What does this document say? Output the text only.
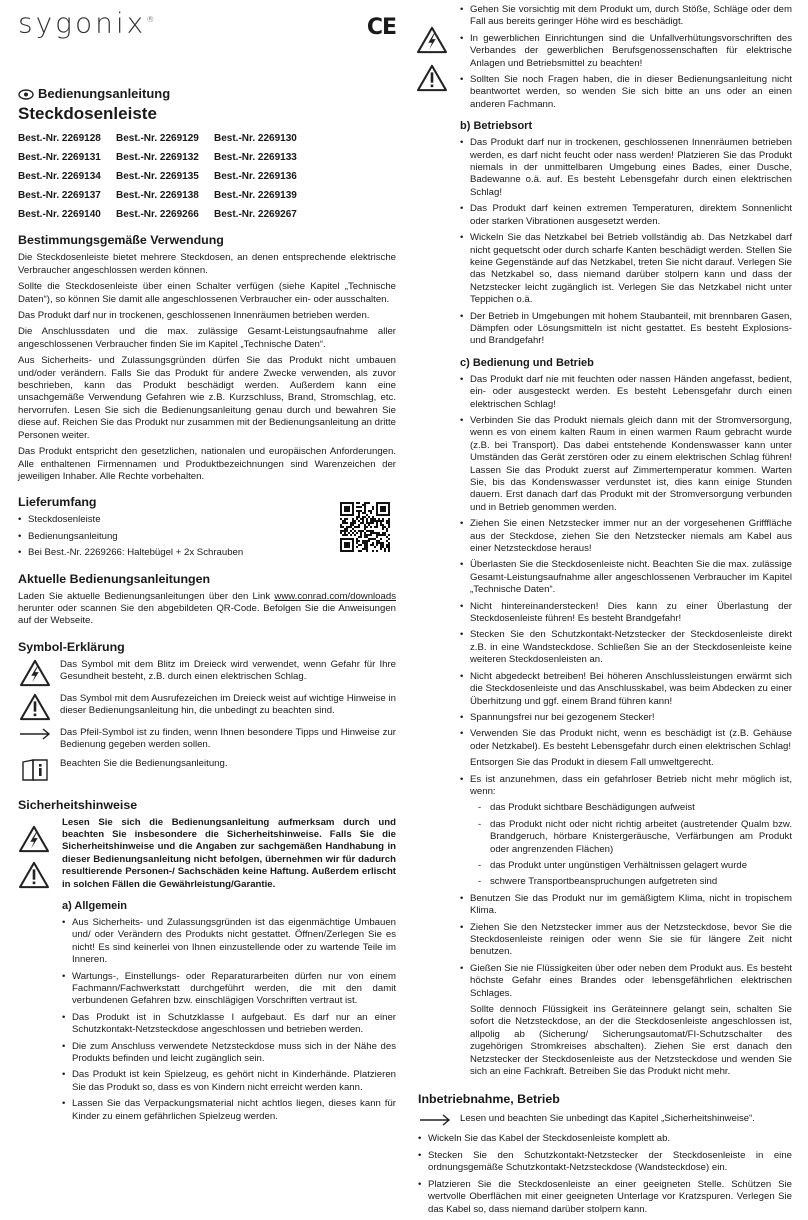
sygonix®	CE
Bedienungsanleitung
Steckdosenleiste
Best.-Nr. 2269128	Best.-Nr. 2269129	Best.-Nr. 2269130
Best.-Nr. 2269131	Best.-Nr. 2269132	Best.-Nr. 2269133
Best.-Nr. 2269134	Best.-Nr. 2269135	Best.-Nr. 2269136
Best.-Nr. 2269137	Best.-Nr. 2269138	Best.-Nr. 2269139
Best.-Nr. 2269140	Best.-Nr. 2269266	Best.-Nr. 2269267
Bestimmungsgemäße Verwendung

Die Steckdosenleiste bietet mehrere Steckdosen, an denen entsprechende elektrische Verbraucher angeschlossen werden können.

Sollte die Steckdosenleiste über einen Schalter verfügen (siehe Kapitel „Technische Daten“), so können Sie damit alle angeschlossenen Verbraucher ein- oder ausschalten.

Das Produkt darf nur in trockenen, geschlossenen Innenräumen betrieben werden.

Die Anschlussdaten und die max. zulässige Gesamt-Leistungsaufnahme aller angeschlossenen Verbraucher finden Sie im Kapitel „Technische Daten“.

Aus Sicherheits- und Zulassungsgründen dürfen Sie das Produkt nicht umbauen und/oder verändern. Falls Sie das Produkt für andere Zwecke verwenden, als zuvor beschrieben, kann das Produkt beschädigt werden. Außerdem kann eine unsachgemäße Verwendung Gefahren wie z.B. Kurzschluss, Brand, Stromschlag, etc. hervorrufen. Lesen Sie sich die Bedienungsanleitung genau durch und bewahren Sie diese auf. Reichen Sie das Produkt nur zusammen mit der Bedienungsanleitung an dritte Personen weiter.

Das Produkt entspricht den gesetzlichen, nationalen und europäischen Anforderungen. Alle enthaltenen Firmennamen und Produktbezeichnungen sind Warenzeichen der jeweiligen Inhaber. Alle Rechte vorbehalten.

Lieferumfang
• Steckdosenleiste
• Bedienungsanleitung
• Bei Best.-Nr. 2269266: Haltebügel + 2x Schrauben
Aktuelle Bedienungsanleitungen

Laden Sie aktuelle Bedienungsanleitungen über den Link www.conrad.com/downloads herunter oder scannen Sie den abgebildeten QR-Code. Befolgen Sie die Anweisungen auf der Webseite.

Symbol-Erklärung
Das Symbol mit dem Blitz im Dreieck wird verwendet, wenn Gefahr für Ihre Gesundheit besteht, z.B. durch einen elektrischen Schlag.
Das Symbol mit dem Ausrufezeichen im Dreieck weist auf wichtige Hinweise in dieser Bedienungsanleitung hin, die unbedingt zu beachten sind.
Das Pfeil-Symbol ist zu finden, wenn Ihnen besondere Tipps und Hinweise zur Bedienung gegeben werden sollen.
Beachten Sie die Bedienungsanleitung.
Sicherheitshinweise
Lesen Sie sich die Bedienungsanleitung aufmerksam durch und beachten Sie insbesondere die Sicherheitshinweise. Falls Sie die Sicherheitshinweise und die Angaben zur sachgemäßen Handhabung in dieser Bedienungsanleitung nicht befolgen, übernehmen wir für dadurch resultierende Personen-/ Sachschäden keine Haftung. Außerdem erlischt in solchen Fällen die Gewährleistung/Garantie.
a) Allgemein
• Aus Sicherheits- und Zulassungsgründen ist das eigenmächtige Umbauen und/ oder Verändern des Produkts nicht gestattet. Öffnen/Zerlegen Sie es nicht! Es sind keinerlei von Ihnen einzustellende oder zu wartende Teile im Inneren.
• Wartungs-, Einstellungs- oder Reparaturarbeiten dürfen nur von einem Fachmann/Fachwerkstatt durchgeführt werden, die mit den damit verbundenen Gefahren bzw. einschlägigen Vorschriften vertraut ist.
• Das Produkt ist in Schutzklasse I aufgebaut. Es darf nur an einer Schutzkontakt-Netzsteckdose angeschlossen und betrieben werden.
• Die zum Anschluss verwendete Netzsteckdose muss sich in der Nähe des Produkts befinden und leicht zugänglich sein.
• Das Produkt ist kein Spielzeug, es gehört nicht in Kinderhände. Platzieren Sie das Produkt so, dass es von Kindern nicht erreicht werden kann.
• Lassen Sie das Verpackungsmaterial nicht achtlos liegen, dieses kann für Kinder zu einem gefährlichen Spielzeug werden.
• Gehen Sie vorsichtig mit dem Produkt um, durch Stöße, Schläge oder dem Fall aus bereits geringer Höhe wird es beschädigt.
• In gewerblichen Einrichtungen sind die Unfallverhütungsvorschriften des Verbandes der gewerblichen Berufsgenossenschaften für elektrische Anlagen und Betriebsmittel zu beachten!
• Sollten Sie noch Fragen haben, die in dieser Bedienungsanleitung nicht beantwortet werden, so wenden Sie sich bitte an uns oder an einen anderen Fachmann.
b) Betriebsort
• Das Produkt darf nur in trockenen, geschlossenen Innenräumen betrieben werden, es darf nicht feucht oder nass werden! Platzieren Sie das Produkt niemals in der unmittelbaren Umgebung eines Bades, einer Dusche, Badewanne o.ä. auf. Es besteht Lebensgefahr durch einen elektrischen Schlag!
• Das Produkt darf keinen extremen Temperaturen, direktem Sonnenlicht oder starken Vibrationen ausgesetzt werden.
• Wickeln Sie das Netzkabel bei Betrieb vollständig ab. Das Netzkabel darf nicht gequetscht oder durch scharfe Kanten beschädigt werden. Stellen Sie keine Gegenstände auf das Netzkabel, treten Sie nicht darauf. Verlegen Sie das Netzkabel so, dass niemand darüber stolpern kann und dass der Netzstecker leicht zugänglich ist. Verlegen Sie das Netzkabel nicht unter Teppichen o.ä.
• Der Betrieb in Umgebungen mit hohem Staubanteil, mit brennbaren Gasen, Dämpfen oder Lösungsmitteln ist nicht gestattet. Es besteht Explosions- und Brandgefahr!
c) Bedienung und Betrieb
• Das Produkt darf nie mit feuchten oder nassen Händen angefasst, bedient, ein- oder ausgesteckt werden. Es besteht Lebensgefahr durch einen elektrischen Schlag!
• Verbinden Sie das Produkt niemals gleich dann mit der Stromversorgung, wenn es von einem kalten Raum in einen warmen Raum gebracht wurde (z.B. bei Transport). Das dabei entstehende Kondenswasser kann unter Umständen das Gerät zerstören oder zu einem elektrischen Schlag führen! Lassen Sie das Produkt zuerst auf Zimmertemperatur kommen. Warten Sie, bis das Kondenswasser verdunstet ist, dies kann einige Stunden dauern. Erst danach darf das Produkt mit der Stromversorgung verbunden und in Betrieb genommen werden.
• Ziehen Sie einen Netzstecker immer nur an der vorgesehenen Grifffläche aus der Steckdose, ziehen Sie den Netzstecker niemals am Kabel aus einer Netzsteckdose heraus!
• Überlasten Sie die Steckdosenleiste nicht. Beachten Sie die max. zulässige Gesamt-Leistungsaufnahme aller angeschlossenen Verbraucher im Kapitel „Technische Daten“.
• Nicht hintereinanderstecken! Dies kann zu einer Überlastung der Steckdosenleiste führen! Es besteht Brandgefahr!
• Stecken Sie den Schutzkontakt-Netzstecker der Steckdosenleiste direkt z.B. in eine Wandsteckdose. Schließen Sie an der Steckdosenleiste keine weiteren Steckdosenleisten an.
• Nicht abgedeckt betreiben! Bei höheren Anschlussleistungen erwärmt sich die Steckdosenleiste und das Anschlusskabel, was beim Abdecken zu einer Überhitzung und ggf. einem Brand führen kann!
• Spannungsfrei nur bei gezogenem Stecker!
• Verwenden Sie das Produkt nicht, wenn es beschädigt ist (z.B. Gehäuse oder Netzkabel). Es besteht Lebensgefahr durch einen elektrischen Schlag!
Entsorgen Sie das Produkt in diesem Fall umweltgerecht.
• Es ist anzunehmen, dass ein gefahrloser Betrieb nicht mehr möglich ist, wenn:
- das Produkt sichtbare Beschädigungen aufweist
- das Produkt nicht oder nicht richtig arbeitet (austretender Qualm bzw. Brandgeruch, hörbare Knistergeräusche, Verfärbungen am Produkt oder angrenzenden Flächen)
- das Produkt unter ungünstigen Verhältnissen gelagert wurde
- schwere Transportbeanspruchungen aufgetreten sind
• Benutzen Sie das Produkt nur im gemäßigtem Klima, nicht in tropischem Klima.
• Ziehen Sie den Netzstecker immer aus der Netzsteckdose, bevor Sie die Steckdosenleiste reinigen oder wenn Sie sie für längere Zeit nicht benutzen.
• Gießen Sie nie Flüssigkeiten über oder neben dem Produkt aus. Es besteht höchste Gefahr eines Brandes oder lebensgefährlichen elektrischen Schlages.
Sollte dennoch Flüssigkeit ins Geräteinnere gelangt sein, schalten Sie sofort die Netzsteckdose, an der die Steckdosenleiste angeschlossen ist, allpolig ab (Sicherung/ Sicherungsautomat/FI-Schutzschalter des zugehörigen Stromkreises abschalten). Ziehen Sie erst danach den Netzstecker der Steckdosenleiste aus der Netzsteckdose und wenden Sie sich an eine Fachkraft. Betreiben Sie das Produkt nicht mehr.
Inbetriebnahme, Betrieb
Lesen und beachten Sie unbedingt das Kapitel „Sicherheitshinweise“.
• Wickeln Sie das Kabel der Steckdosenleiste komplett ab.
• Stecken Sie den Schutzkontakt-Netzstecker der Steckdosenleiste in eine ordnungsgemäße Schutzkontakt-Netzsteckdose (Wandsteckdose) ein.
• Platzieren Sie die Steckdosenleiste an einer geeigneten Stelle. Schützen Sie wertvolle Oberflächen mit einer geeigneten Unterlage vor Kratzspuren. Verlegen Sie das Kabel so, dass niemand darüber stolpern kann.
